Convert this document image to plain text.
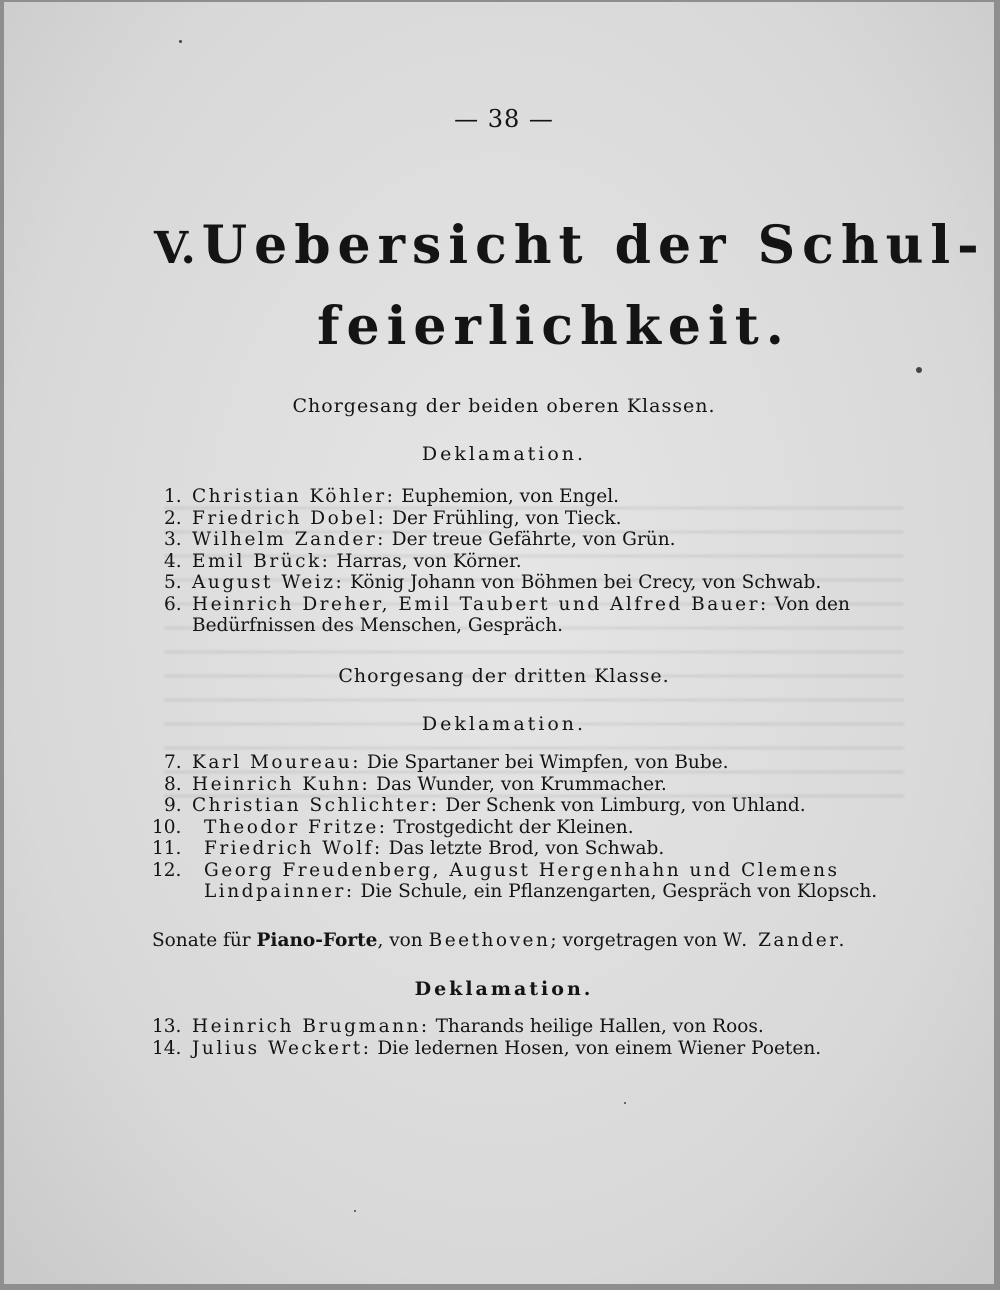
— 38 —
V. Uebersicht der Schul-
feierlichkeit.
Chorgesang der beiden oberen Klassen.
Deklamation.
1. Christian Köhler: Euphemion, von Engel.
2. Friedrich Dobel: Der Frühling, von Tieck.
3. Wilhelm Zander: Der treue Gefährte, von Grün.
4. Emil Brück: Harras, von Körner.
5. August Weiz: König Johann von Böhmen bei Crecy, von Schwab.
6. Heinrich Dreher, Emil Taubert und Alfred Bauer: Von den Bedürfnissen des Menschen, Gespräch.
Chorgesang der dritten Klasse.
Deklamation.
7. Karl Moureau: Die Spartaner bei Wimpfen, von Bube.
8. Heinrich Kuhn: Das Wunder, von Krummacher.
9. Christian Schlichter: Der Schenk von Limburg, von Uhland.
10. Theodor Fritze: Trostgedicht der Kleinen.
11. Friedrich Wolf: Das letzte Brod, von Schwab.
12. Georg Freudenberg, August Hergenhahn und Clemens Lindpainner: Die Schule, ein Pflanzengarten, Gespräch von Klopsch.
Sonate für Piano-Forte, von Beethoven; vorgetragen von W. Zander.
Deklamation.
13. Heinrich Brugmann: Tharands heilige Hallen, von Roos.
14. Julius Weckert: Die ledernen Hosen, von einem Wiener Poeten.
